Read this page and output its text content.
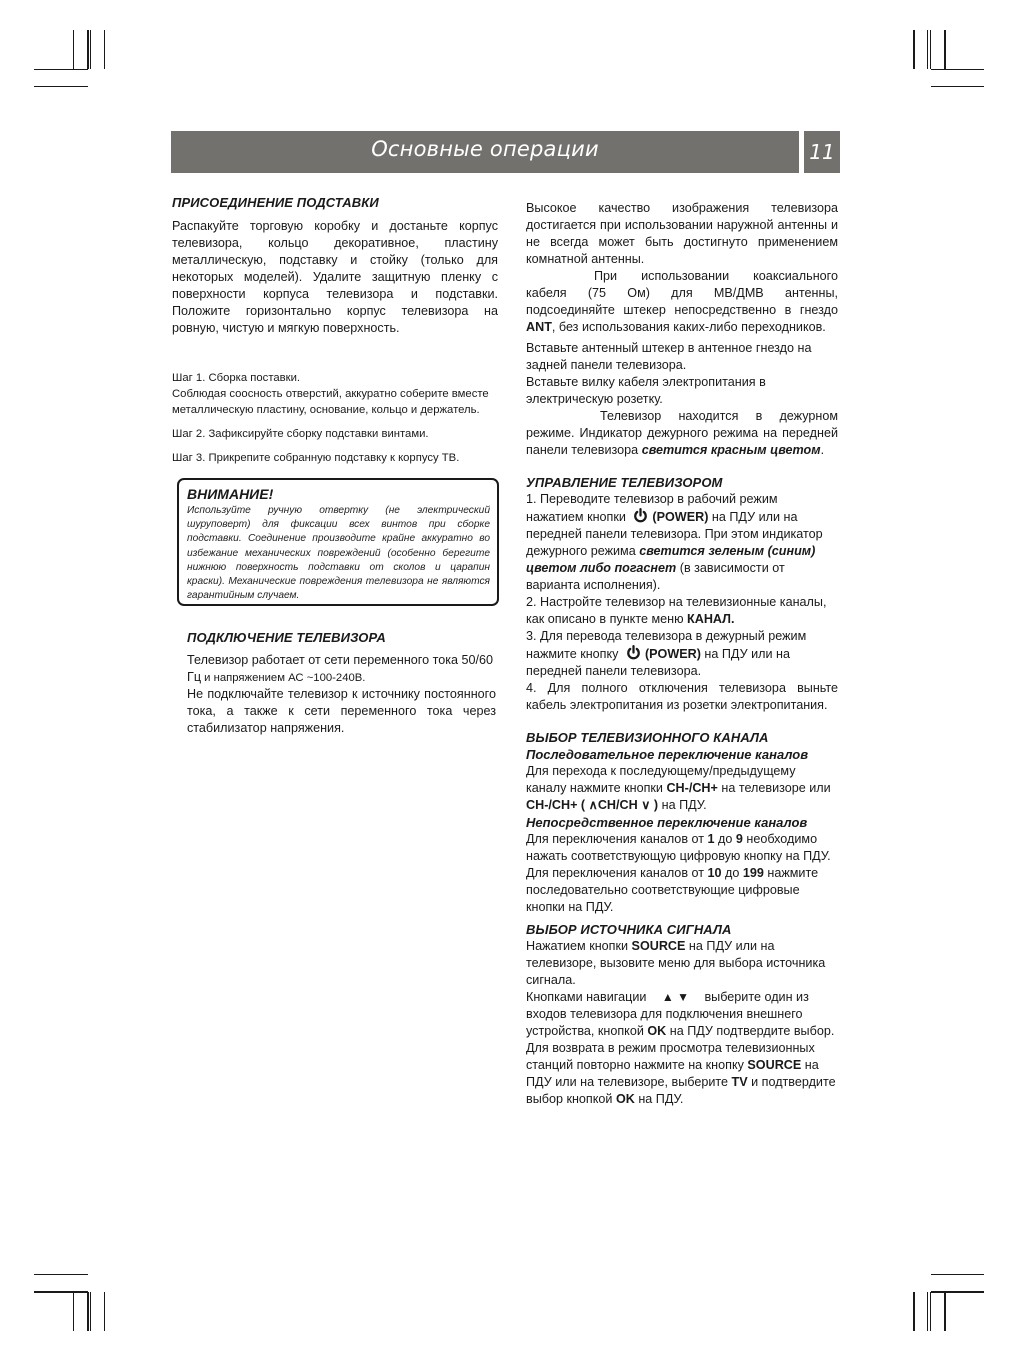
Основные операции	11
ПРИСОЕДИНЕНИЕ ПОДСТАВКИ

Распакуйте торговую коробку и достаньте корпус телевизора, кольцо декоративное, пластину металлическую, подставку и стойку (только для некоторых моделей). Удалите защитную пленку с поверхности корпуса телевизора и подставки. Положите горизонтально корпус телевизора на ровную, чистую и мягкую поверхность.

Шаг 1. Сборка поставки.

Соблюдая соосность отверстий, аккуратно соберите вместе металлическую пластину, основание, кольцо и держатель.

Шаг 2. Зафиксируйте сборку подставки винтами.

Шаг 3. Прикрепите собранную подставку к корпусу ТВ.

ВНИМАНИЕ!
Используйте ручную отвертку (не электрический шуруповерт) для фиксации всех винтов при сборке подставки. Соединение производите крайне аккуратно во избежание механических повреждений (особенно берегите нижнюю поверхность подставки от сколов и царапин краски). Механические повреждения телевизора не являются гарантийным случаем.
ПОДКЛЮЧЕНИЕ ТЕЛЕВИЗОРА

Телевизор работает от сети переменного тока 50/60 Гц и напряжением АС ~100-240В.

Не подключайте телевизор к источнику постоянного тока, а также к сети переменного тока через стабилизатор напряжения.

Высокое качество изображения телевизора достигается при использовании наружной антенны и не всегда может быть достигнуто применением комнатной антенны.

При использовании коаксиального кабеля (75 Ом) для МВ/ДМВ антенны, подсоединяйте штекер непосредственно в гнездо ANT, без использования каких-либо переходников.

Вставьте антенный штекер в антенное гнездо на задней панели телевизора.

Вставьте вилку кабеля электропитания в электрическую розетку.

Телевизор находится в дежурном режиме. Индикатор дежурного режима на передней панели телевизора светится красным цветом.

УПРАВЛЕНИЕ ТЕЛЕВИЗОРОМ

1. Переводите телевизор в рабочий режим нажатием кнопки (POWER) на ПДУ или на передней панели телевизора. При этом индикатор дежурного режима светится зеленым (синим) цветом либо погаснет (в зависимости от варианта исполнения).

2. Настройте телевизор на телевизионные каналы, как описано в пункте меню КАНАЛ.

3. Для перевода телевизора в дежурный режим нажмите кнопку (POWER) на ПДУ или на передней панели телевизора.

4. Для полного отключения телевизора выньте кабель электропитания из розетки электропитания.

ВЫБОР ТЕЛЕВИЗИОННОГО КАНАЛА
Последовательное переключение каналов

Для перехода к последующему/предыдущему каналу нажмите кнопки CH-/CH+ на телевизоре или CH-/CH+ ( ∧CH/CH ∨ ) на ПДУ.

Непосредственное переключение каналов

Для переключения каналов от 1 до 9 необходимо нажать соответствующую цифровую кнопку на ПДУ.

Для переключения каналов от 10 до 199 нажмите последовательно соответствующие цифровые кнопки на ПДУ.

ВЫБОР ИСТОЧНИКА СИГНАЛА

Нажатием кнопки SOURCE на ПДУ или на телевизоре, вызовите меню для выбора источника сигнала.

Кнопками навигации ▲ ▼ выберите один из входов телевизора для подключения внешнего устройства, кнопкой OK на ПДУ подтвердите выбор.

Для возврата в режим просмотра телевизионных станций повторно нажмите на кнопку SOURCE на ПДУ или на телевизоре, выберите TV и подтвердите выбор кнопкой OK на ПДУ.
